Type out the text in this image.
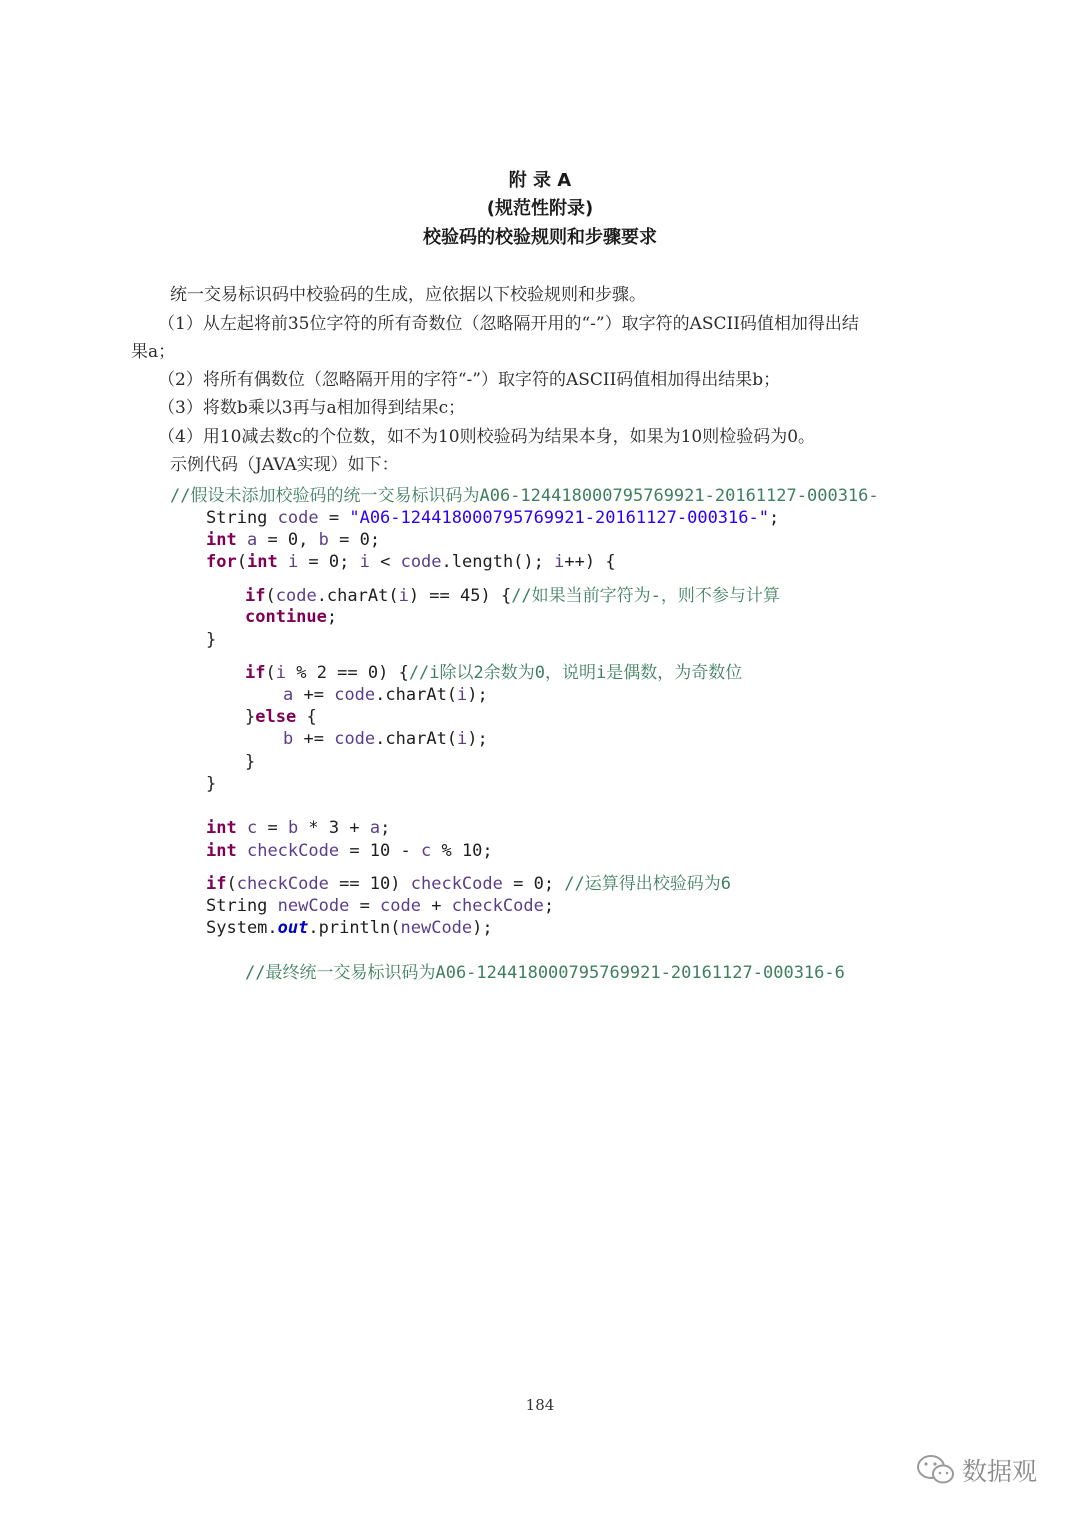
附 录 A
(规范性附录)
校验码的校验规则和步骤要求
统一交易标识码中校验码的生成，应依据以下校验规则和步骤。
（1）从左起将前35位字符的所有奇数位（忽略隔开用的“-”）取字符的ASCII码值相加得出结
果a；
（2）将所有偶数位（忽略隔开用的字符“-”）取字符的ASCII码值相加得出结果b；
（3）将数b乘以3再与a相加得到结果c；
（4）用10减去数c的个位数，如不为10则校验码为结果本身，如果为10则检验码为0。
示例代码（JAVA实现）如下：
//假设未添加校验码的统一交易标识码为A06-124418000795769921-20161127-000316-
String code = "A06-124418000795769921-20161127-000316-";
int a = 0, b = 0;
for(int i = 0; i < code.length(); i++) {
if(code.charAt(i) == 45) {//如果当前字符为-，则不参与计算
continue;
}
if(i % 2 == 0) {//i除以2余数为0，说明i是偶数，为奇数位
a += code.charAt(i);
}else {
b += code.charAt(i);
}
}
int c = b * 3 + a;
int checkCode = 10 - c % 10;
if(checkCode == 10) checkCode = 0; //运算得出校验码为6
String newCode = code + checkCode;
System.out.println(newCode);
//最终统一交易标识码为A06-124418000795769921-20161127-000316-6
184
数据观
